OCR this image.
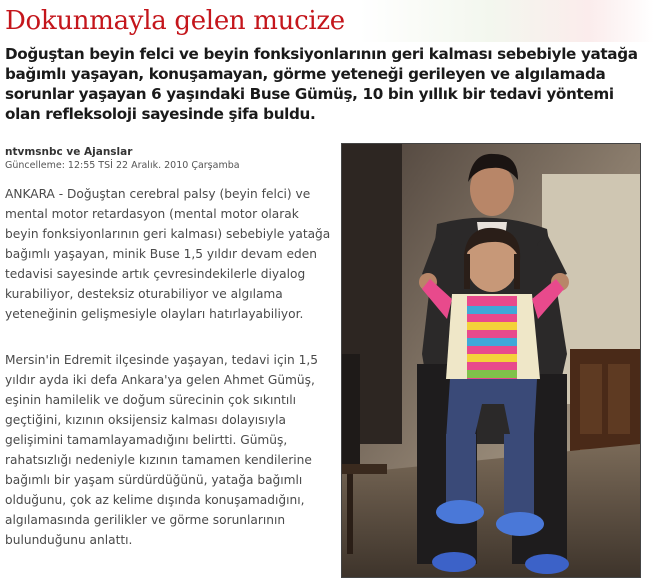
Dokunmayla gelen mucize
Doğuştan beyin felci ve beyin fonksiyonlarının geri kalması sebebiyle yatağa bağımlı yaşayan, konuşamayan, görme yeteneği gerileyen ve algılamada sorunlar yaşayan 6 yaşındaki Buse Gümüş, 10 bin yıllık bir tedavi yöntemi olan refleksoloji sayesinde şifa buldu.
ntvmsnbc ve Ajanslar
Güncelleme: 12:55 TSİ 22 Aralık. 2010 Çarşamba
ANKARA - Doğuştan cerebral palsy (beyin felci) ve mental motor retardasyon (mental motor olarak beyin fonksiyonlarının geri kalması) sebebiyle yatağa bağımlı yaşayan, minik Buse 1,5 yıldır devam eden tedavisi sayesinde artık çevresindekilerle diyalog kurabiliyor, desteksiz oturabiliyor ve algılama yeteneğinin gelişmesiyle olayları hatırlayabiliyor.
Mersin'in Edremit ilçesinde yaşayan, tedavi için 1,5 yıldır ayda iki defa Ankara'ya gelen Ahmet Gümüş, eşinin hamilelik ve doğum sürecinin çok sıkıntılı geçtiğini, kızının oksijensiz kalması dolayısıyla gelişimini tamamlayamadığını belirtti. Gümüş, rahatsızlığı nedeniyle kızının tamamen kendilerine bağımlı bir yaşam sürdürdüğünü, yatağa bağımlı olduğunu, çok az kelime dışında konuşamadığını, algılamasında gerilikler ve görme sorunlarının bulunduğunu anlattı.
